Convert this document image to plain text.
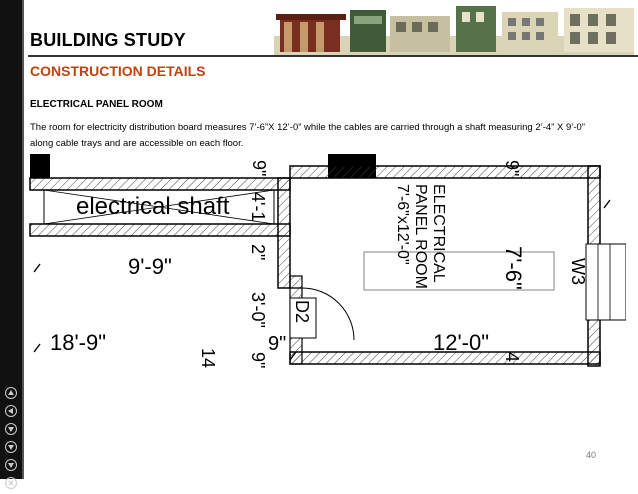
BUILDING STUDY
CONSTRUCTION DETAILS
ELECTRICAL PANEL ROOM
The room for electricity distribution board measures 7’-6”X 12’-0” while the cables are carried through a shaft measuring 2’-4” X 9’-0” along cable trays and are accessible on each floor.
electrical shaft
9'-9"
18'-9"	12'-0"
9"
9"
4'-1
2"
3'-0"
14 9"
9"
7'-6"
4
ELECTRICAL
PANEL ROOM
7'-6"x12'-0"
D2
W3
40
